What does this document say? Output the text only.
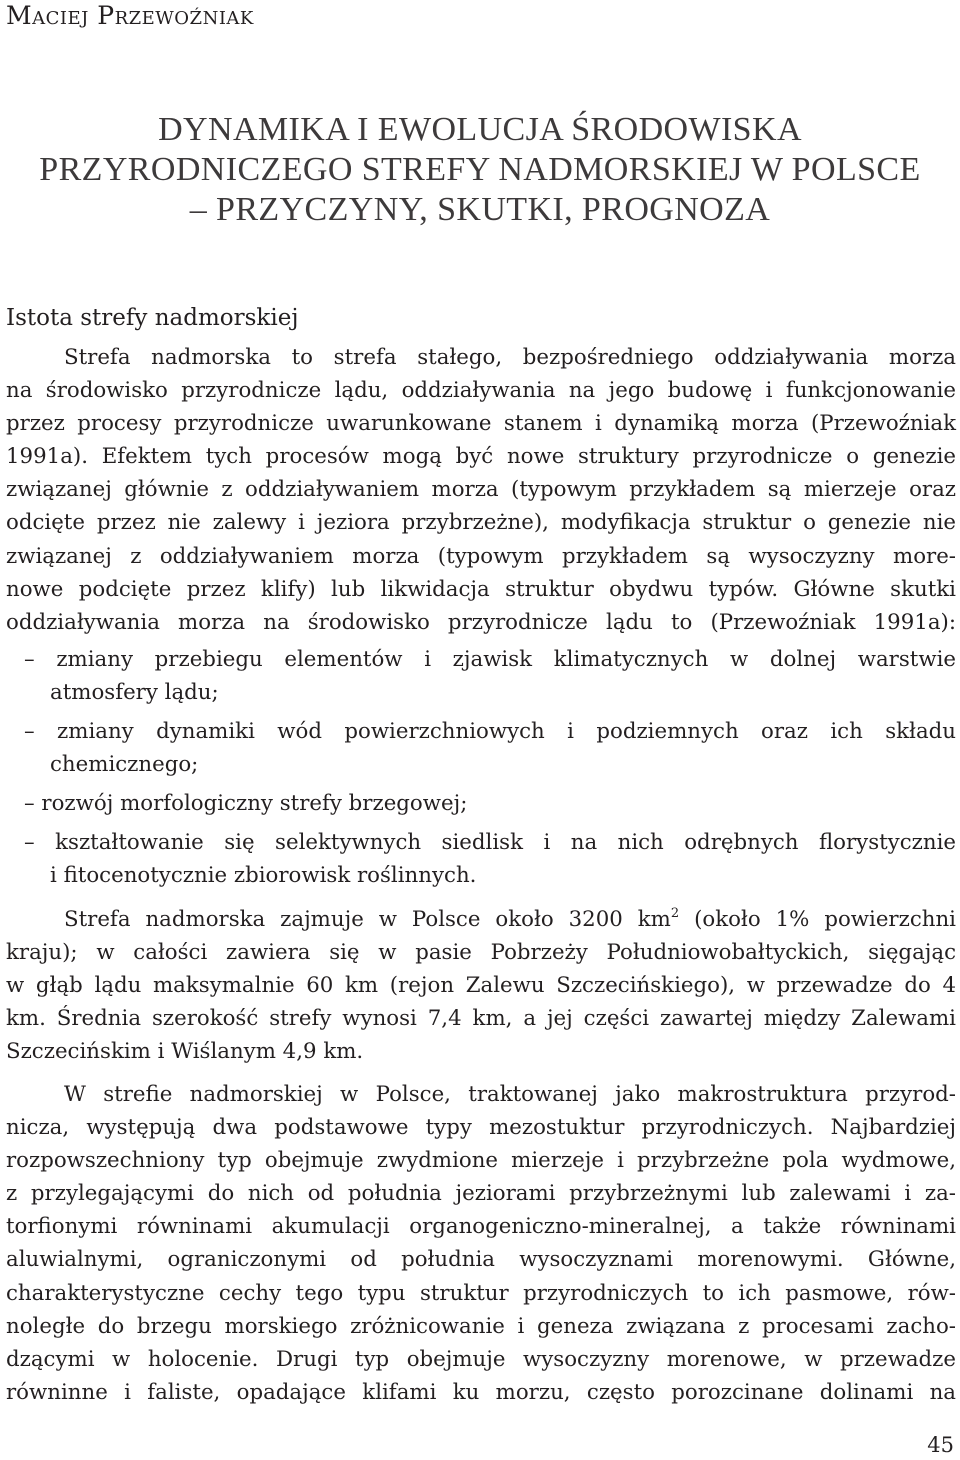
Maciej Przewoźniak
DYNAMIKA I EWOLUCJA ŚRODOWISKA
PRZYRODNICZEGO STREFY NADMORSKIEJ W POLSCE
– PRZYCZYNY, SKUTKI, PROGNOZA
Istota strefy nadmorskiej
Strefa nadmorska to strefa stałego, bezpośredniego oddziaływania morza
na środowisko przyrodnicze lądu, oddziaływania na jego budowę i funkcjonowanie
przez procesy przyrodnicze uwarunkowane stanem i dynamiką morza (Przewoźniak
1991a). Efektem tych procesów mogą być nowe struktury przyrodnicze o genezie
związanej głównie z oddziaływaniem morza (typowym przykładem są mierzeje oraz
odcięte przez nie zalewy i jeziora przybrzeżne), modyfikacja struktur o genezie nie
związanej z oddziaływaniem morza (typowym przykładem są wysoczyzny more-
nowe podcięte przez klify) lub likwidacja struktur obydwu typów. Główne skutki
oddziaływania morza na środowisko przyrodnicze lądu to (Przewoźniak 1991a):
– zmiany przebiegu elementów i zjawisk klimatycznych w dolnej warstwie
atmosfery lądu;
– zmiany dynamiki wód powierzchniowych i podziemnych oraz ich składu
chemicznego;
– rozwój morfologiczny strefy brzegowej;
– kształtowanie się selektywnych siedlisk i na nich odrębnych florystycznie
i fitocenotycznie zbiorowisk roślinnych.
Strefa nadmorska zajmuje w Polsce około 3200 $km^2$ (około 1% powierzchni
kraju); w całości zawiera się w pasie Pobrzeży Południowobałtyckich, sięgając
w głąb lądu maksymalnie 60 km (rejon Zalewu Szczecińskiego), w przewadze do 4
km. Średnia szerokość strefy wynosi 7,4 km, a jej części zawartej między Zalewami
Szczecińskim i Wiślanym 4,9 km.
W strefie nadmorskiej w Polsce, traktowanej jako makrostruktura przyrod-
nicza, występują dwa podstawowe typy mezostuktur przyrodniczych. Najbardziej
rozpowszechniony typ obejmuje zwydmione mierzeje i przybrzeżne pola wydmowe,
z przylegającymi do nich od południa jeziorami przybrzeżnymi lub zalewami i za-
torfionymi równinami akumulacji organogeniczno-mineralnej, a także równinami
aluwialnymi, ograniczonymi od południa wysoczyznami morenowymi. Główne,
charakterystyczne cechy tego typu struktur przyrodniczych to ich pasmowe, rów-
noległe do brzegu morskiego zróżnicowanie i geneza związana z procesami zacho-
dzącymi w holocenie. Drugi typ obejmuje wysoczyzny morenowe, w przewadze
równinne i faliste, opadające klifami ku morzu, często porozcinane dolinami na
45
